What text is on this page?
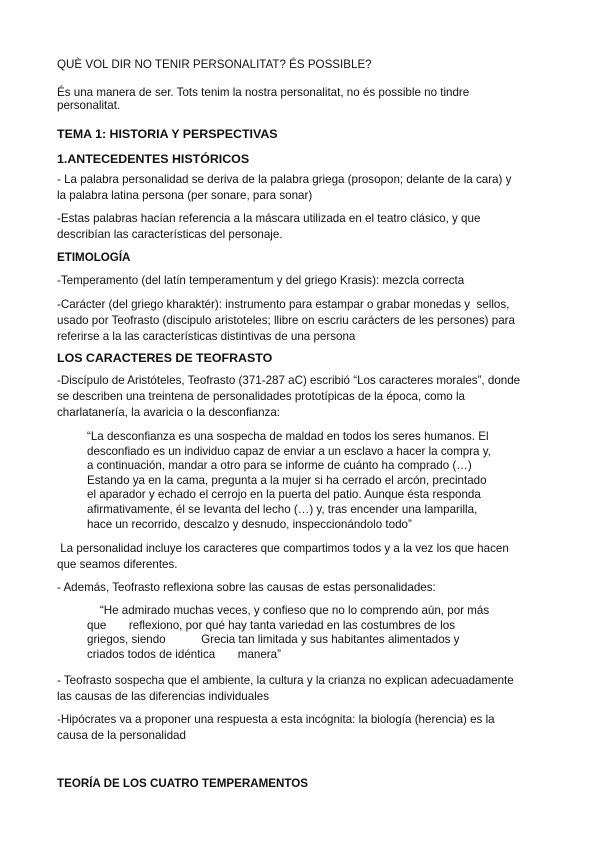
QUÈ VOL DIR NO TENIR PERSONALITAT? ÉS POSSIBLE?

És una manera de ser. Tots tenim la nostra personalitat, no és possible no tindre
personalitat.

TEMA 1: HISTORIA Y PERSPECTIVAS

1.ANTECEDENTES HISTÓRICOS

- La palabra personalidad se deriva de la palabra griega (prosopon; delante de la cara) y
la palabra latina persona (per sonare, para sonar)

-Estas palabras hacían referencia a la máscara utilizada en el teatro clásico, y que
describían las características del personaje.

ETIMOLOGÍA

-Temperamento (del latín temperamentum y del griego Krasis): mezcla correcta

-Carácter (del griego kharaktér): instrumento para estampar o grabar monedas y  sellos,
usado por Teofrasto (discipulo aristoteles; llibre on escriu carácters de les persones) para
referirse a la las características distintivas de una persona

LOS CARACTERES DE TEOFRASTO

-Discípulo de Aristóteles, Teofrasto (371-287 aC) escribió “Los caracteres morales”, donde
se describen una treintena de personalidades prototípicas de la época, como la
charlatanería, la avaricia o la desconfianza:

“La desconfianza es una sospecha de maldad en todos los seres humanos. El
desconfiado es un individuo capaz de enviar a un esclavo a hacer la compra y,
a continuación, mandar a otro para se informe de cuánto ha comprado (…)
Estando ya en la cama, pregunta a la mujer si ha cerrado el arcón, precintado
el aparador y echado el cerrojo en la puerta del patio. Aunque ésta responda
afirmativamente, él se levanta del lecho (…) y, tras encender una lamparilla,
hace un recorrido, descalzo y desnudo, inspeccionándolo todo”

La personalidad incluye los caracteres que compartimos todos y a la vez los que hacen
que seamos diferentes.

- Además, Teofrasto reflexiona sobre las causas de estas personalidades:

“He admirado muchas veces, y confieso que no lo comprendo aún, por más
que       reflexiono, por qué hay tanta variedad en las costumbres de los
griegos, siendo           Grecia tan limitada y sus habitantes alimentados y
criados todos de idéntica       manera”

- Teofrasto sospecha que el ambiente, la cultura y la crianza no explican adecuadamente
las causas de las diferencias individuales

-Hipócrates va a proponer una respuesta a esta incógnita: la biología (herencia) es la
causa de la personalidad

TEORÍA DE LOS CUATRO TEMPERAMENTOS
